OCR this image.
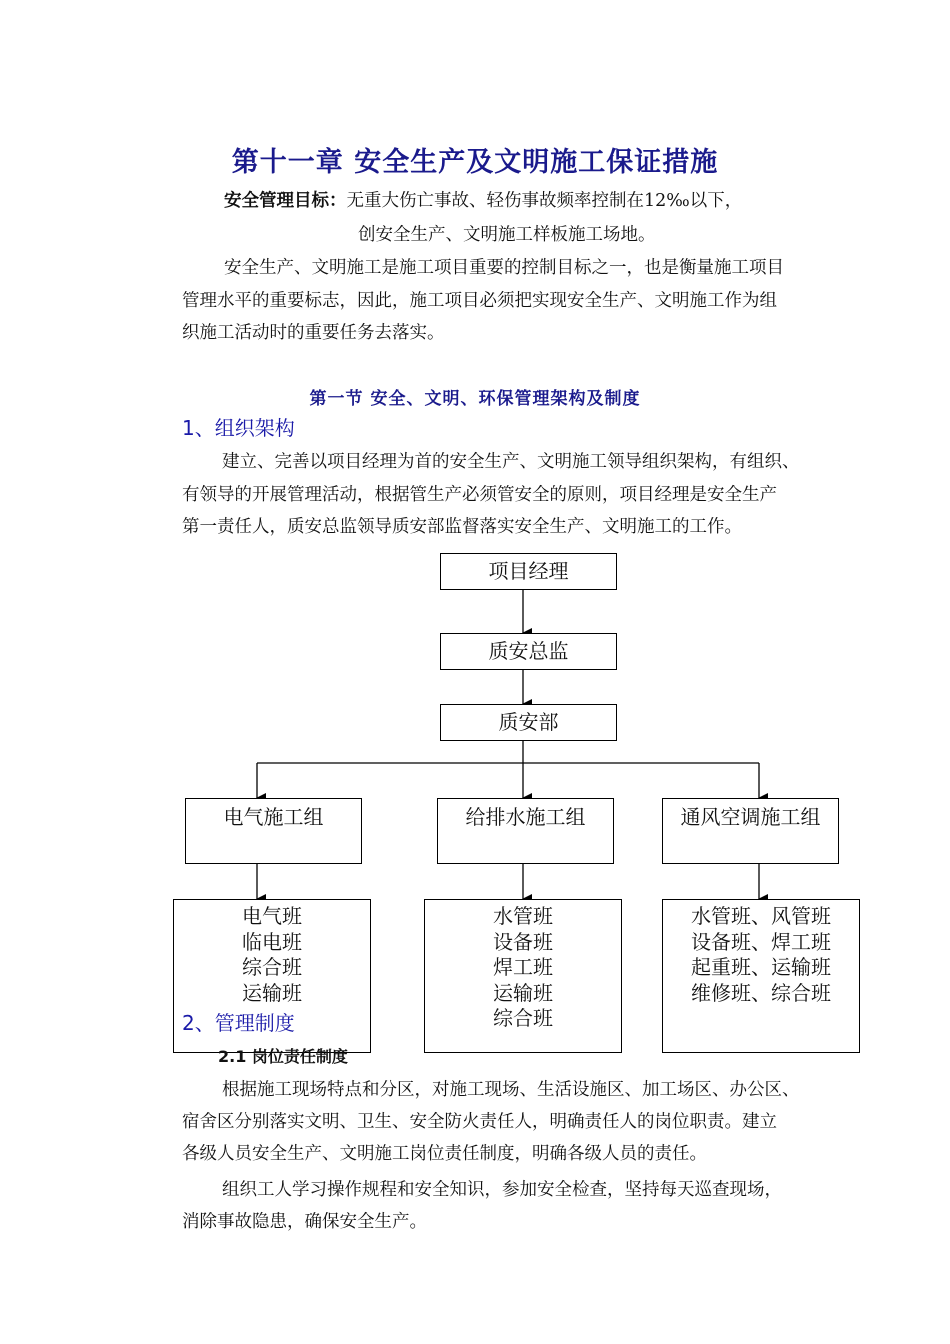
第十一章 安全生产及文明施工保证措施
安全管理目标：无重大伤亡事故、轻伤事故频率控制在12‰以下，
创安全生产、文明施工样板施工场地。
安全生产、文明施工是施工项目重要的控制目标之一，也是衡量施工项目
管理水平的重要标志，因此，施工项目必须把实现安全生产、文明施工作为组
织施工活动时的重要任务去落实。
第一节 安全、文明、环保管理架构及制度
1、组织架构
建立、完善以项目经理为首的安全生产、文明施工领导组织架构，有组织、
有领导的开展管理活动，根据管生产必须管安全的原则，项目经理是安全生产
第一责任人，质安总监领导质安部监督落实安全生产、文明施工的工作。
项目经理
质安总监
质安部
电气施工组	给排水施工组	通风空调施工组
电气班
临电班
综合班
运输班
水管班
设备班
焊工班
运输班
综合班
水管班、风管班
设备班、焊工班
起重班、运输班
维修班、综合班
2、管理制度
2.1 岗位责任制度
根据施工现场特点和分区，对施工现场、生活设施区、加工场区、办公区、
宿舍区分别落实文明、卫生、安全防火责任人，明确责任人的岗位职责。建立
各级人员安全生产、文明施工岗位责任制度，明确各级人员的责任。
组织工人学习操作规程和安全知识，参加安全检查，坚持每天巡查现场，
消除事故隐患，确保安全生产。
